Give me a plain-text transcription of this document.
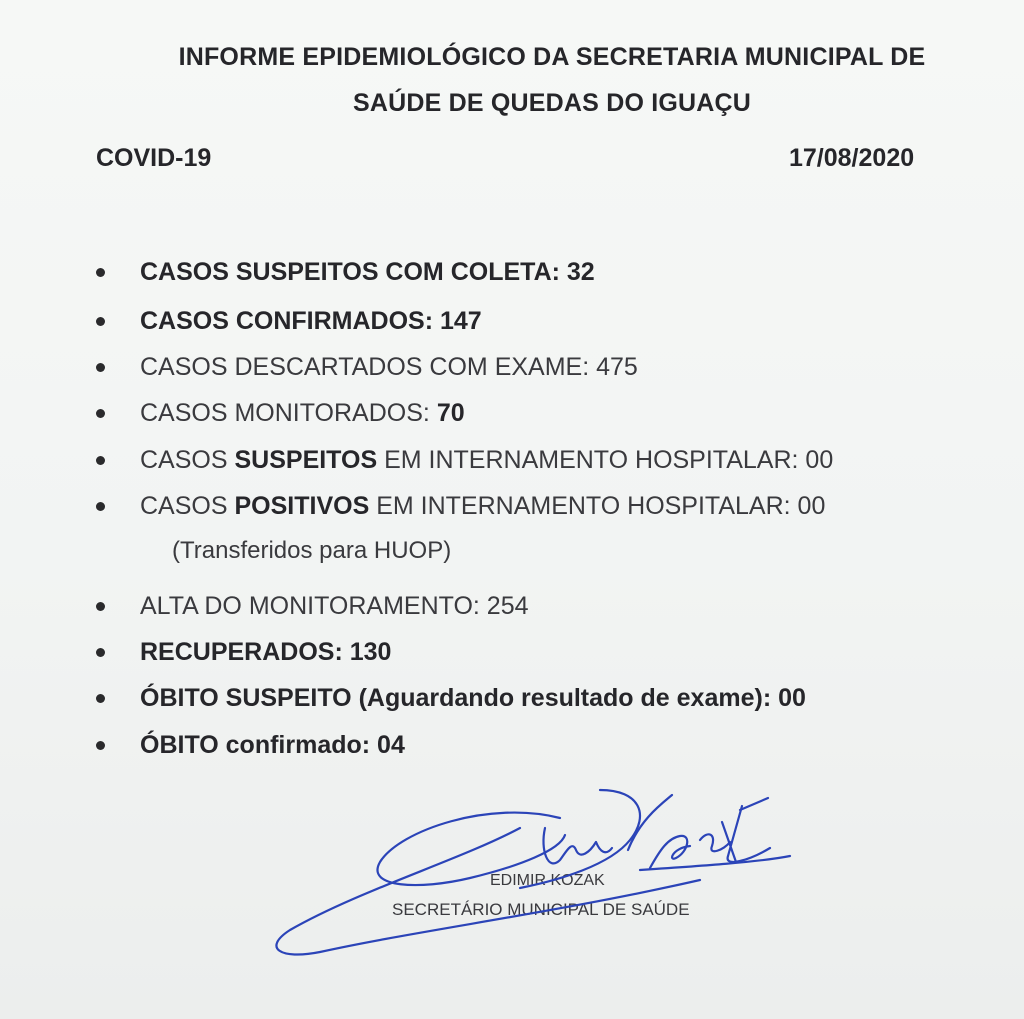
INFORME EPIDEMIOLÓGICO DA SECRETARIA MUNICIPAL DE
SAÚDE DE QUEDAS DO IGUAÇU
COVID-19	17/08/2020
CASOS SUSPEITOS COM COLETA: 32
CASOS CONFIRMADOS: 147
CASOS DESCARTADOS COM EXAME: 475
CASOS MONITORADOS: 70
CASOS SUSPEITOS EM INTERNAMENTO HOSPITALAR: 00
CASOS POSITIVOS EM INTERNAMENTO HOSPITALAR: 00
ALTA DO MONITORAMENTO: 254
RECUPERADOS: 130
ÓBITO SUSPEITO (Aguardando resultado de exame): 00
ÓBITO confirmado: 04
(Transferidos para HUOP)
EDIMIR KOZAK
SECRETÁRIO MUNICIPAL DE SAÚDE
